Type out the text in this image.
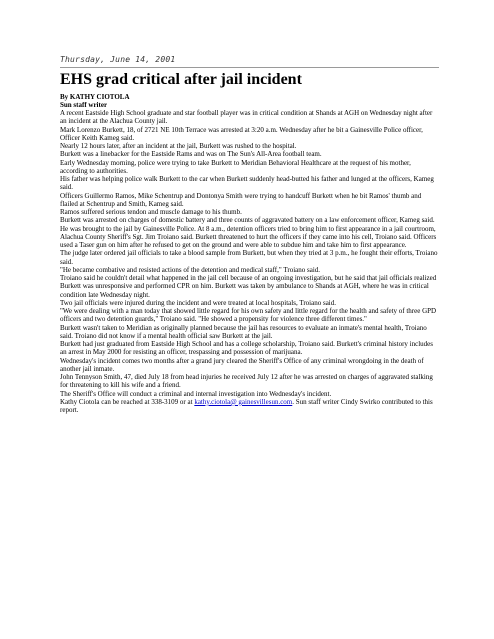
Thursday, June 14, 2001
EHS grad critical after jail incident
By KATHY CIOTOLA
Sun staff writer

A recent Eastside High School graduate and star football player was in critical condition at Shands at AGH on Wednesday night after an incident at the Alachua County jail.

Mark Lorenzo Burkett, 18, of 2721 NE 10th Terrace was arrested at 3:20 a.m. Wednesday after he bit a Gainesville Police officer, Officer Keith Kameg said.

Nearly 12 hours later, after an incident at the jail, Burkett was rushed to the hospital.

Burkett was a linebacker for the Eastside Rams and was on The Sun's All-Area football team.

Early Wednesday morning, police were trying to take Burkett to Meridian Behavioral Healthcare at the request of his mother, according to authorities.

His father was helping police walk Burkett to the car when Burkett suddenly head-butted his father and lunged at the officers, Kameg said.

Officers Guillermo Ramos, Mike Schentrup and Dontonya Smith were trying to handcuff Burkett when he bit Ramos' thumb and flailed at Schentrup and Smith, Kameg said.

Ramos suffered serious tendon and muscle damage to his thumb.

Burkett was arrested on charges of domestic battery and three counts of aggravated battery on a law enforcement officer, Kameg said.

He was brought to the jail by Gainesville Police. At 8 a.m., detention officers tried to bring him to first appearance in a jail courtroom, Alachua County Sheriff's Sgt. Jim Troiano said. Burkett threatened to hurt the officers if they came into his cell, Troiano said. Officers used a Taser gun on him after he refused to get on the ground and were able to subdue him and take him to first appearance.

The judge later ordered jail officials to take a blood sample from Burkett, but when they tried at 3 p.m., he fought their efforts, Troiano said.

"He became combative and resisted actions of the detention and medical staff," Troiano said.

Troiano said he couldn't detail what happened in the jail cell because of an ongoing investigation, but he said that jail officials realized Burkett was unresponsive and performed CPR on him. Burkett was taken by ambulance to Shands at AGH, where he was in critical condition late Wednesday night.

Two jail officials were injured during the incident and were treated at local hospitals, Troiano said.

"We were dealing with a man today that showed little regard for his own safety and little regard for the health and safety of three GPD officers and two detention guards," Troiano said. "He showed a propensity for violence three different times."

Burkett wasn't taken to Meridian as originally planned because the jail has resources to evaluate an inmate's mental health, Troiano said. Troiano did not know if a mental health official saw Burkett at the jail.

Burkett had just graduated from Eastside High School and has a college scholarship, Troiano said. Burkett's criminal history includes an arrest in May 2000 for resisting an officer, trespassing and possession of marijuana.

Wednesday's incident comes two months after a grand jury cleared the Sheriff's Office of any criminal wrongdoing in the death of another jail inmate.

John Tennyson Smith, 47, died July 18 from head injuries he received July 12 after he was arrested on charges of aggravated stalking for threatening to kill his wife and a friend.

The Sheriff's Office will conduct a criminal and internal investigation into Wednesday's incident.

Kathy Ciotola can be reached at 338-3109 or at kathy.ciotola@ gainesvillesun.com. Sun staff writer Cindy Swirko contributed to this report.
